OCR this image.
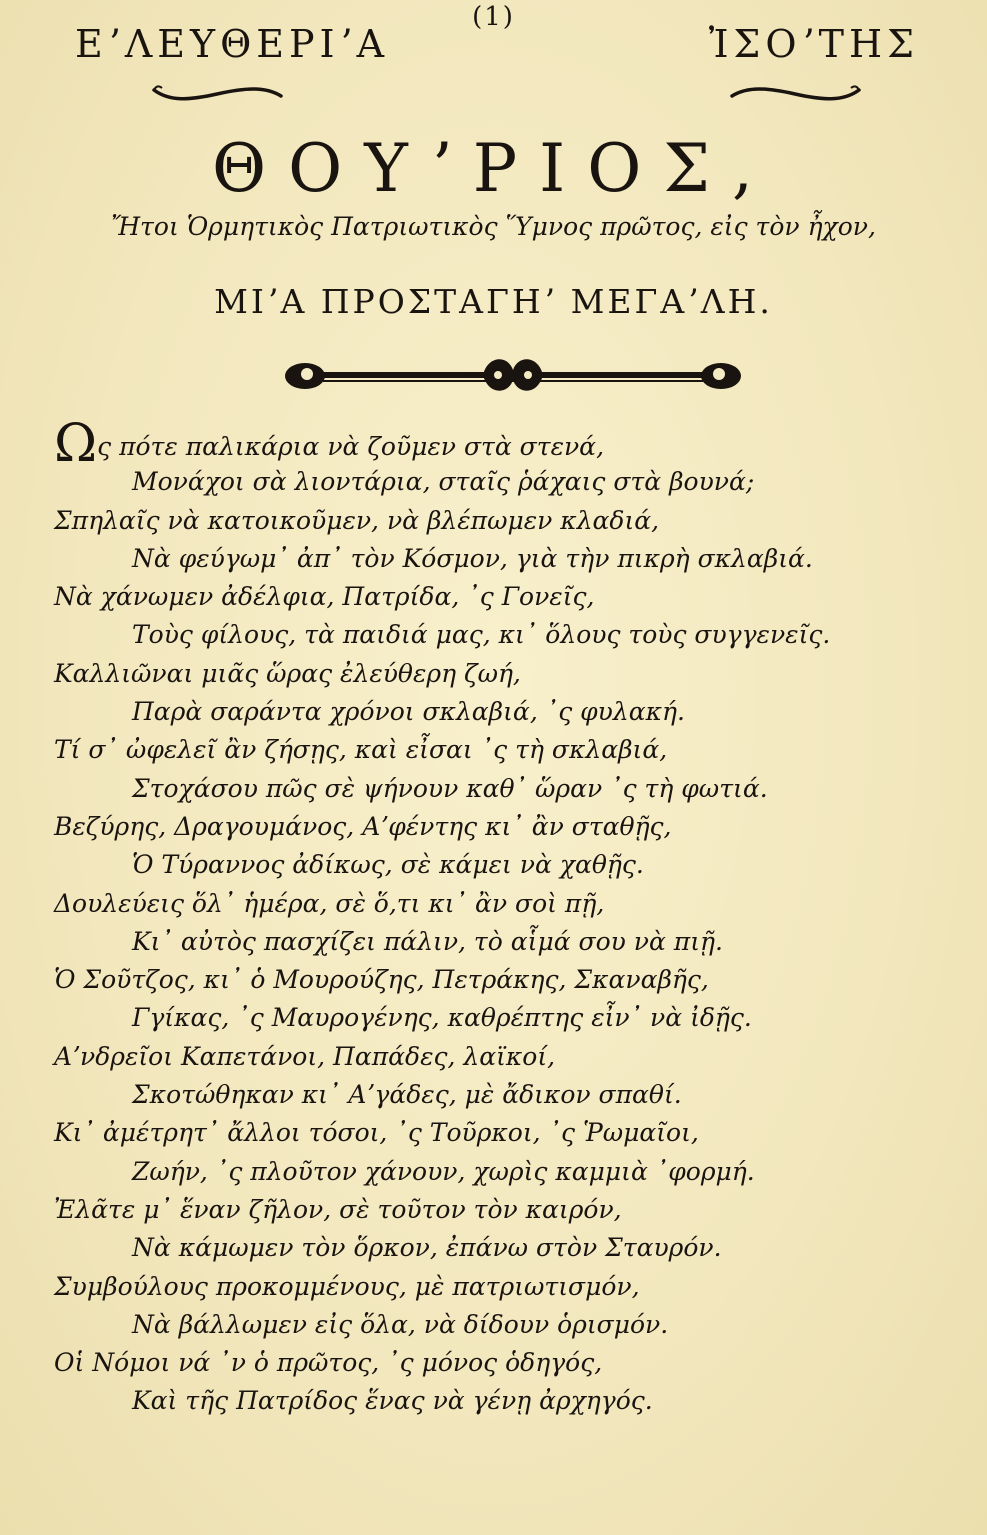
(1)
ΕʼΛΕΥΘΕΡΙʼΑ	ἸΣΟʼΤΗΣ
ΘΟΥʼΡΙΟΣ,
Ἤτοι Ὁρμητικὸς Πατριωτικὸς Ὕμνος πρῶτος, εἰς τὸν ἦχον,
ΜΙʼΑ ΠΡΟΣΤΑΓΗʼ ΜΕΓΑʼΛΗ.
Ως πότε παλικάρια νὰ ζοῦμεν στὰ στενά,
Μονάχοι σὰ λιοντάρια, σταῖς ῥάχαις στὰ βουνά;
Σπηλαῖς νὰ κατοικοῦμεν, νὰ βλέπωμεν κλαδιά,
Νὰ φεύγωμ᾽ ἀπ᾽ τὸν Κόσμον, γιὰ τὴν πικρὴ σκλαβιά.
Νὰ χάνωμεν ἀδέλφια, Πατρίδα, ᾽ς Γονεῖς,
Τοὺς φίλους, τὰ παιδιά μας, κι᾽ ὅλους τοὺς συγγενεῖς.
Καλλιῶναι μιᾶς ὥρας ἐλεύθερη ζωή,
Παρὰ σαράντα χρόνοι σκλαβιά, ᾽ς φυλακή.
Τί σ᾽ ὠφελεῖ ἂν ζήσῃς, καὶ εἶσαι ᾽ς τὴ σκλαβιά,
Στοχάσου πῶς σὲ ψήνουν καθ᾽ ὥραν ᾽ς τὴ φωτιά.
Βεζύρης, Δραγουμάνος, Αʼφέντης κι᾽ ἂν σταθῇς,
Ὁ Τύραννος ἀδίκως, σὲ κάμει νὰ χαθῇς.
Δουλεύεις ὅλ᾽ ἡμέρα, σὲ ὅ,τι κι᾽ ἂν σοὶ πῇ,
Κι᾽ αὐτὸς πασχίζει πάλιν, τὸ αἷμά σου νὰ πιῇ.
Ὁ Σοῦτζος, κι᾽ ὁ Μουρούζης, Πετράκης, Σκαναβῆς,
Γγίκας, ᾽ς Μαυρογένης, καθρέπτης εἶν᾽ νὰ ἰδῇς.
Αʼνδρεῖοι Καπετάνοι, Παπάδες, λαϊκοί,
Σκοτώθηκαν κι᾽ Αʼγάδες, μὲ ἄδικον σπαθί.
Κι᾽ ἀμέτρητ᾽ ἄλλοι τόσοι, ᾽ς Τοῦρκοι, ᾽ς Ῥωμαῖοι,
Ζωήν, ᾽ς πλοῦτον χάνουν, χωρὶς καμμιὰ ᾽φορμή.
Ἐλᾶτε μ᾽ ἕναν ζῆλον, σὲ τοῦτον τὸν καιρόν,
Νὰ κάμωμεν τὸν ὅρκον, ἐπάνω στὸν Σταυρόν.
Συμβούλους προκομμένους, μὲ πατριωτισμόν,
Νὰ βάλλωμεν εἰς ὅλα, νὰ δίδουν ὁρισμόν.
Οἱ Νόμοι νά ᾽ν ὁ πρῶτος, ᾽ς μόνος ὁδηγός,
Καὶ τῆς Πατρίδος ἕνας νὰ γένῃ ἀρχηγός.
